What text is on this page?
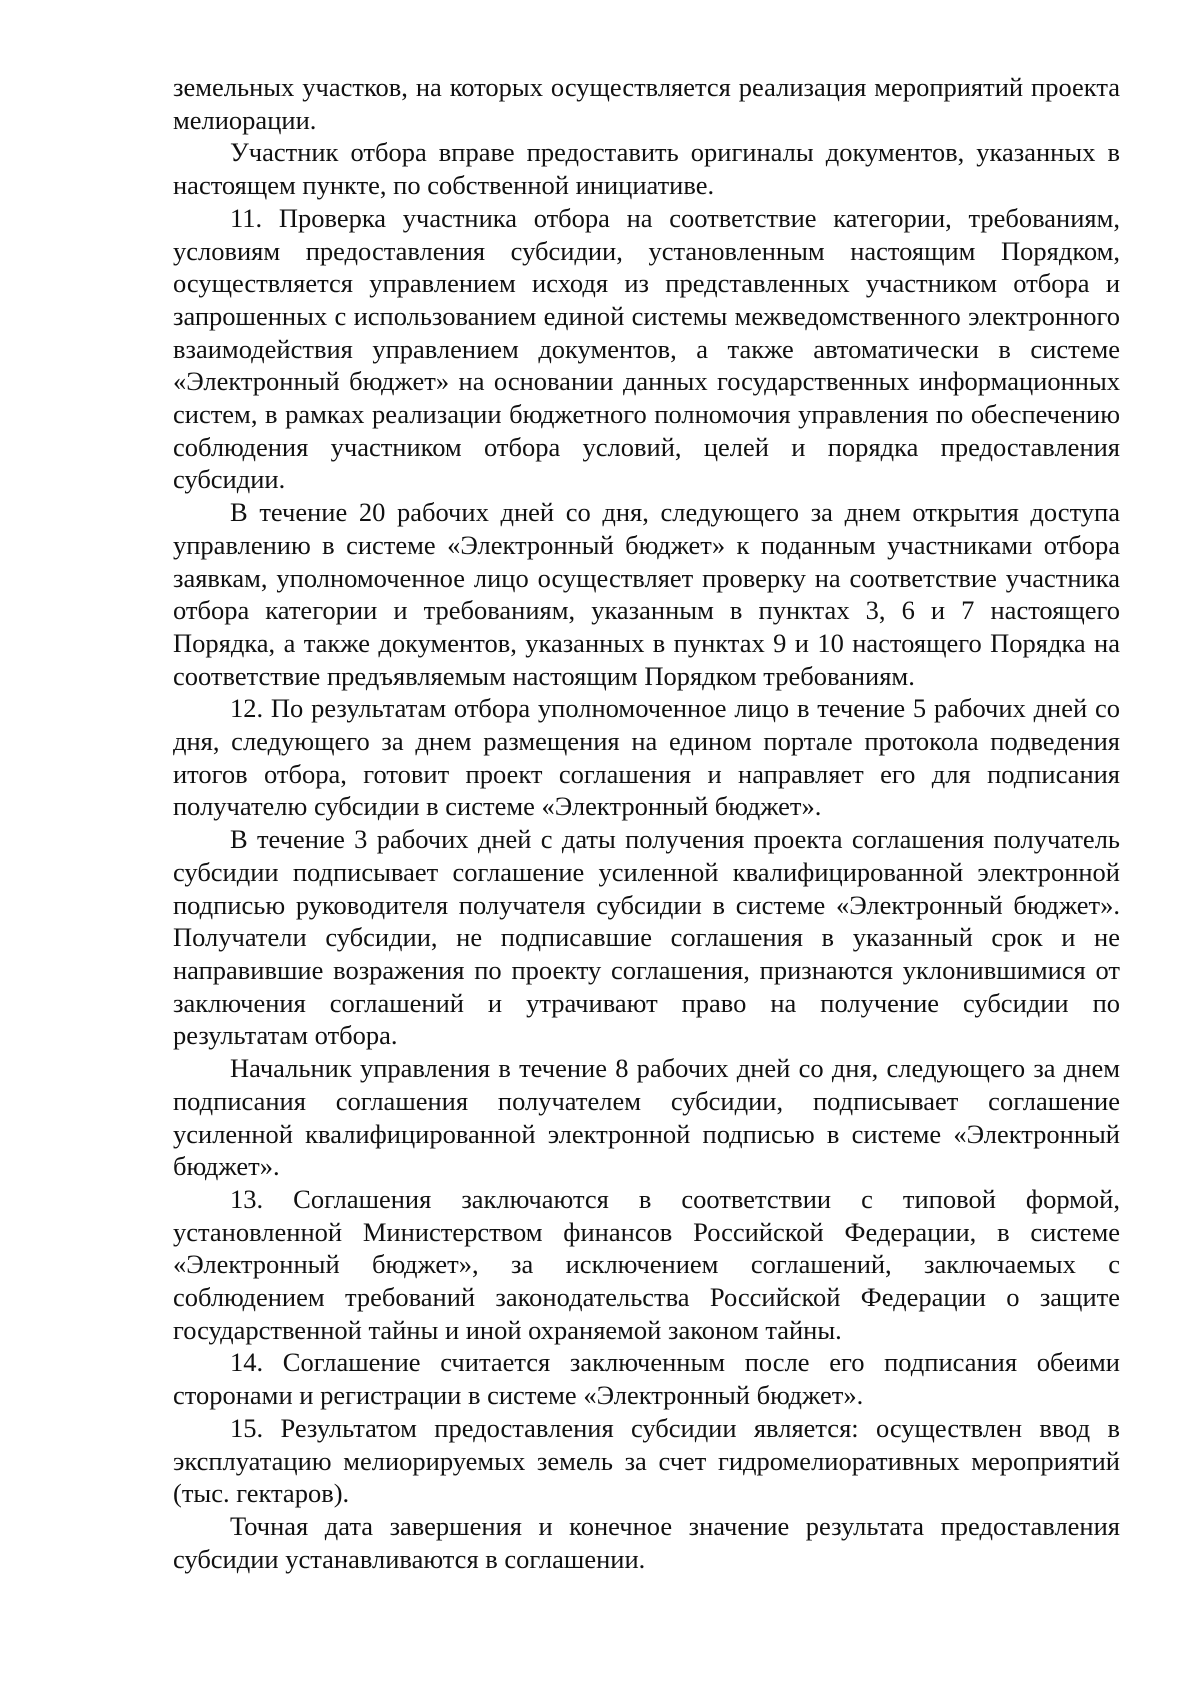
земельных участков, на которых осуществляется реализация мероприятий проекта мелиорации.

Участник отбора вправе предоставить оригиналы документов, указанных в настоящем пункте, по собственной инициативе.

11. Проверка участника отбора на соответствие категории, требованиям, условиям предоставления субсидии, установленным настоящим Порядком, осуществляется управлением исходя из представленных участником отбора и запрошенных с использованием единой системы межведомственного электронного взаимодействия управлением документов, а также автоматически в системе «Электронный бюджет» на основании данных государственных информационных систем, в рамках реализации бюджетного полномочия управления по обеспечению соблюдения участником отбора условий, целей и порядка предоставления субсидии.

В течение 20 рабочих дней со дня, следующего за днем открытия доступа управлению в системе «Электронный бюджет» к поданным участниками отбора заявкам, уполномоченное лицо осуществляет проверку на соответствие участника отбора категории и требованиям, указанным в пунктах 3, 6 и 7 настоящего Порядка, а также документов, указанных в пунктах 9 и 10 настоящего Порядка на соответствие предъявляемым настоящим Порядком требованиям.

12. По результатам отбора уполномоченное лицо в течение 5 рабочих дней со дня, следующего за днем размещения на едином портале протокола подведения итогов отбора, готовит проект соглашения и направляет его для подписания получателю субсидии в системе «Электронный бюджет».

В течение 3 рабочих дней с даты получения проекта соглашения получатель субсидии подписывает соглашение усиленной квалифицированной электронной подписью руководителя получателя субсидии в системе «Электронный бюджет». Получатели субсидии, не подписавшие соглашения в указанный срок и не направившие возражения по проекту соглашения, признаются уклонившимися от заключения соглашений и утрачивают право на получение субсидии по результатам отбора.

Начальник управления в течение 8 рабочих дней со дня, следующего за днем подписания соглашения получателем субсидии, подписывает соглашение усиленной квалифицированной электронной подписью в системе «Электронный бюджет».

13. Соглашения заключаются в соответствии с типовой формой, установленной Министерством финансов Российской Федерации, в системе «Электронный бюджет», за исключением соглашений, заключаемых с соблюдением требований законодательства Российской Федерации о защите государственной тайны и иной охраняемой законом тайны.

14. Соглашение считается заключенным после его подписания обеими сторонами и регистрации в системе «Электронный бюджет».

15. Результатом предоставления субсидии является: осуществлен ввод в эксплуатацию мелиорируемых земель за счет гидромелиоративных мероприятий (тыс. гектаров).

Точная дата завершения и конечное значение результата предоставления субсидии устанавливаются в соглашении.
